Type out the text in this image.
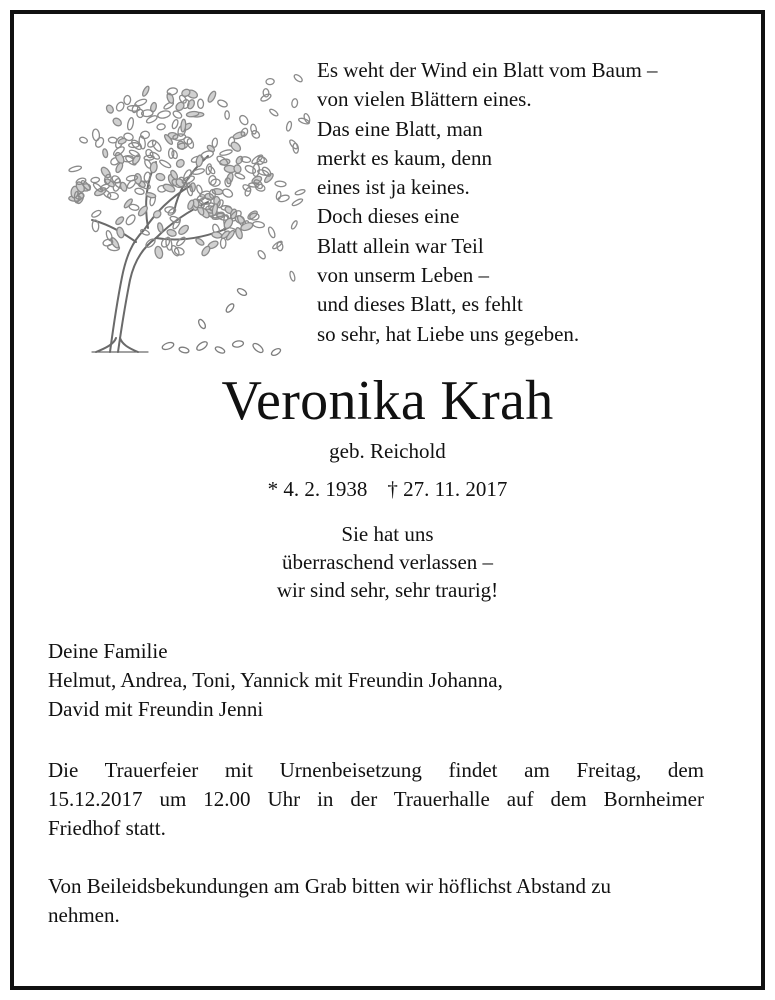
Es weht der Wind ein Blatt vom Baum –
von vielen Blättern eines.
Das eine Blatt, man
merkt es kaum, denn
eines ist ja keines.
Doch dieses eine
Blatt allein war Teil
von unserm Leben –
und dieses Blatt, es fehlt
so sehr, hat Liebe uns gegeben.
Veronika Krah
geb. Reichold
* 4. 2. 1938 † 27. 11. 2017
Sie hat uns
überraschend verlassen –
wir sind sehr, sehr traurig!
Deine Familie
Helmut, Andrea, Toni, Yannick mit Freundin Johanna,
David mit Freundin Jenni
Die Trauerfeier mit Urnenbeisetzung findet am Freitag, dem
15.12.2017 um 12.00 Uhr in der Trauerhalle auf dem Bornheimer
Friedhof statt.
Von Beileidsbekundungen am Grab bitten wir höflichst Abstand zu
nehmen.
